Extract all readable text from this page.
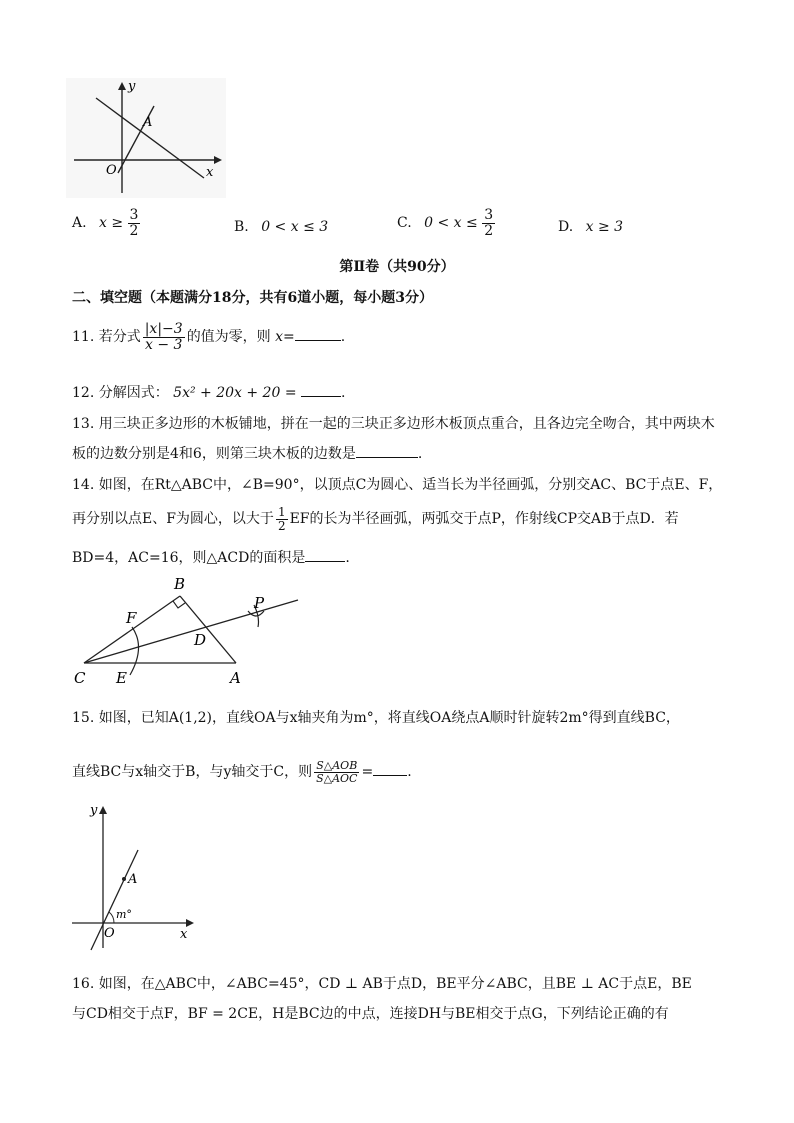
y
x
O
A
A. $x \ge \frac{3}{2}$	B. 0 < x ≤ 3	C. $0 < x \le \frac{3}{2}$	D. x ≥ 3
第Ⅱ卷（共90分）
二、填空题（本题满分18分，共有6道小题，每小题3分）
11. 若分式 $\frac{|x|-3}{x - 3}$ 的值为零，则 x=	.
12. 分解因式： 5x² + 20x + 20 =	.
13. 用三块正多边形的木板铺地，拼在一起的三块正多边形木板顶点重合，且各边完全吻合，其中两块木
板的边数分别是4和6，则第三块木板的边数是	.
14. 如图，在Rt△ABC中，∠B=90°，以顶点C为圆心、适当长为半径画弧，分别交AC、BC于点E、F，
再分别以点E、F为圆心，以大于 $\frac{1}{2}$ EF的长为半径画弧，两弧交于点P，作射线CP交AB于点D．若
BD=4，AC=16，则△ACD的面积是	.
B
F
P
D
C E	A
15. 如图，已知A(1,2)，直线OA与x轴夹角为m°，将直线OA绕点A顺时针旋转2m°得到直线BC，
直线BC与x轴交于B，与y轴交于C，则 $\frac{\text{S△AOB}}{\text{S△AOC}}$ = .
y
x
O
A
m°
16. 如图，在△ABC中，∠ABC=45°，CD ⊥ AB于点D，BE平分∠ABC，且BE ⊥ AC于点E，BE
与CD相交于点F，BF = 2CE，H是BC边的中点，连接DH与BE相交于点G，下列结论正确的有
